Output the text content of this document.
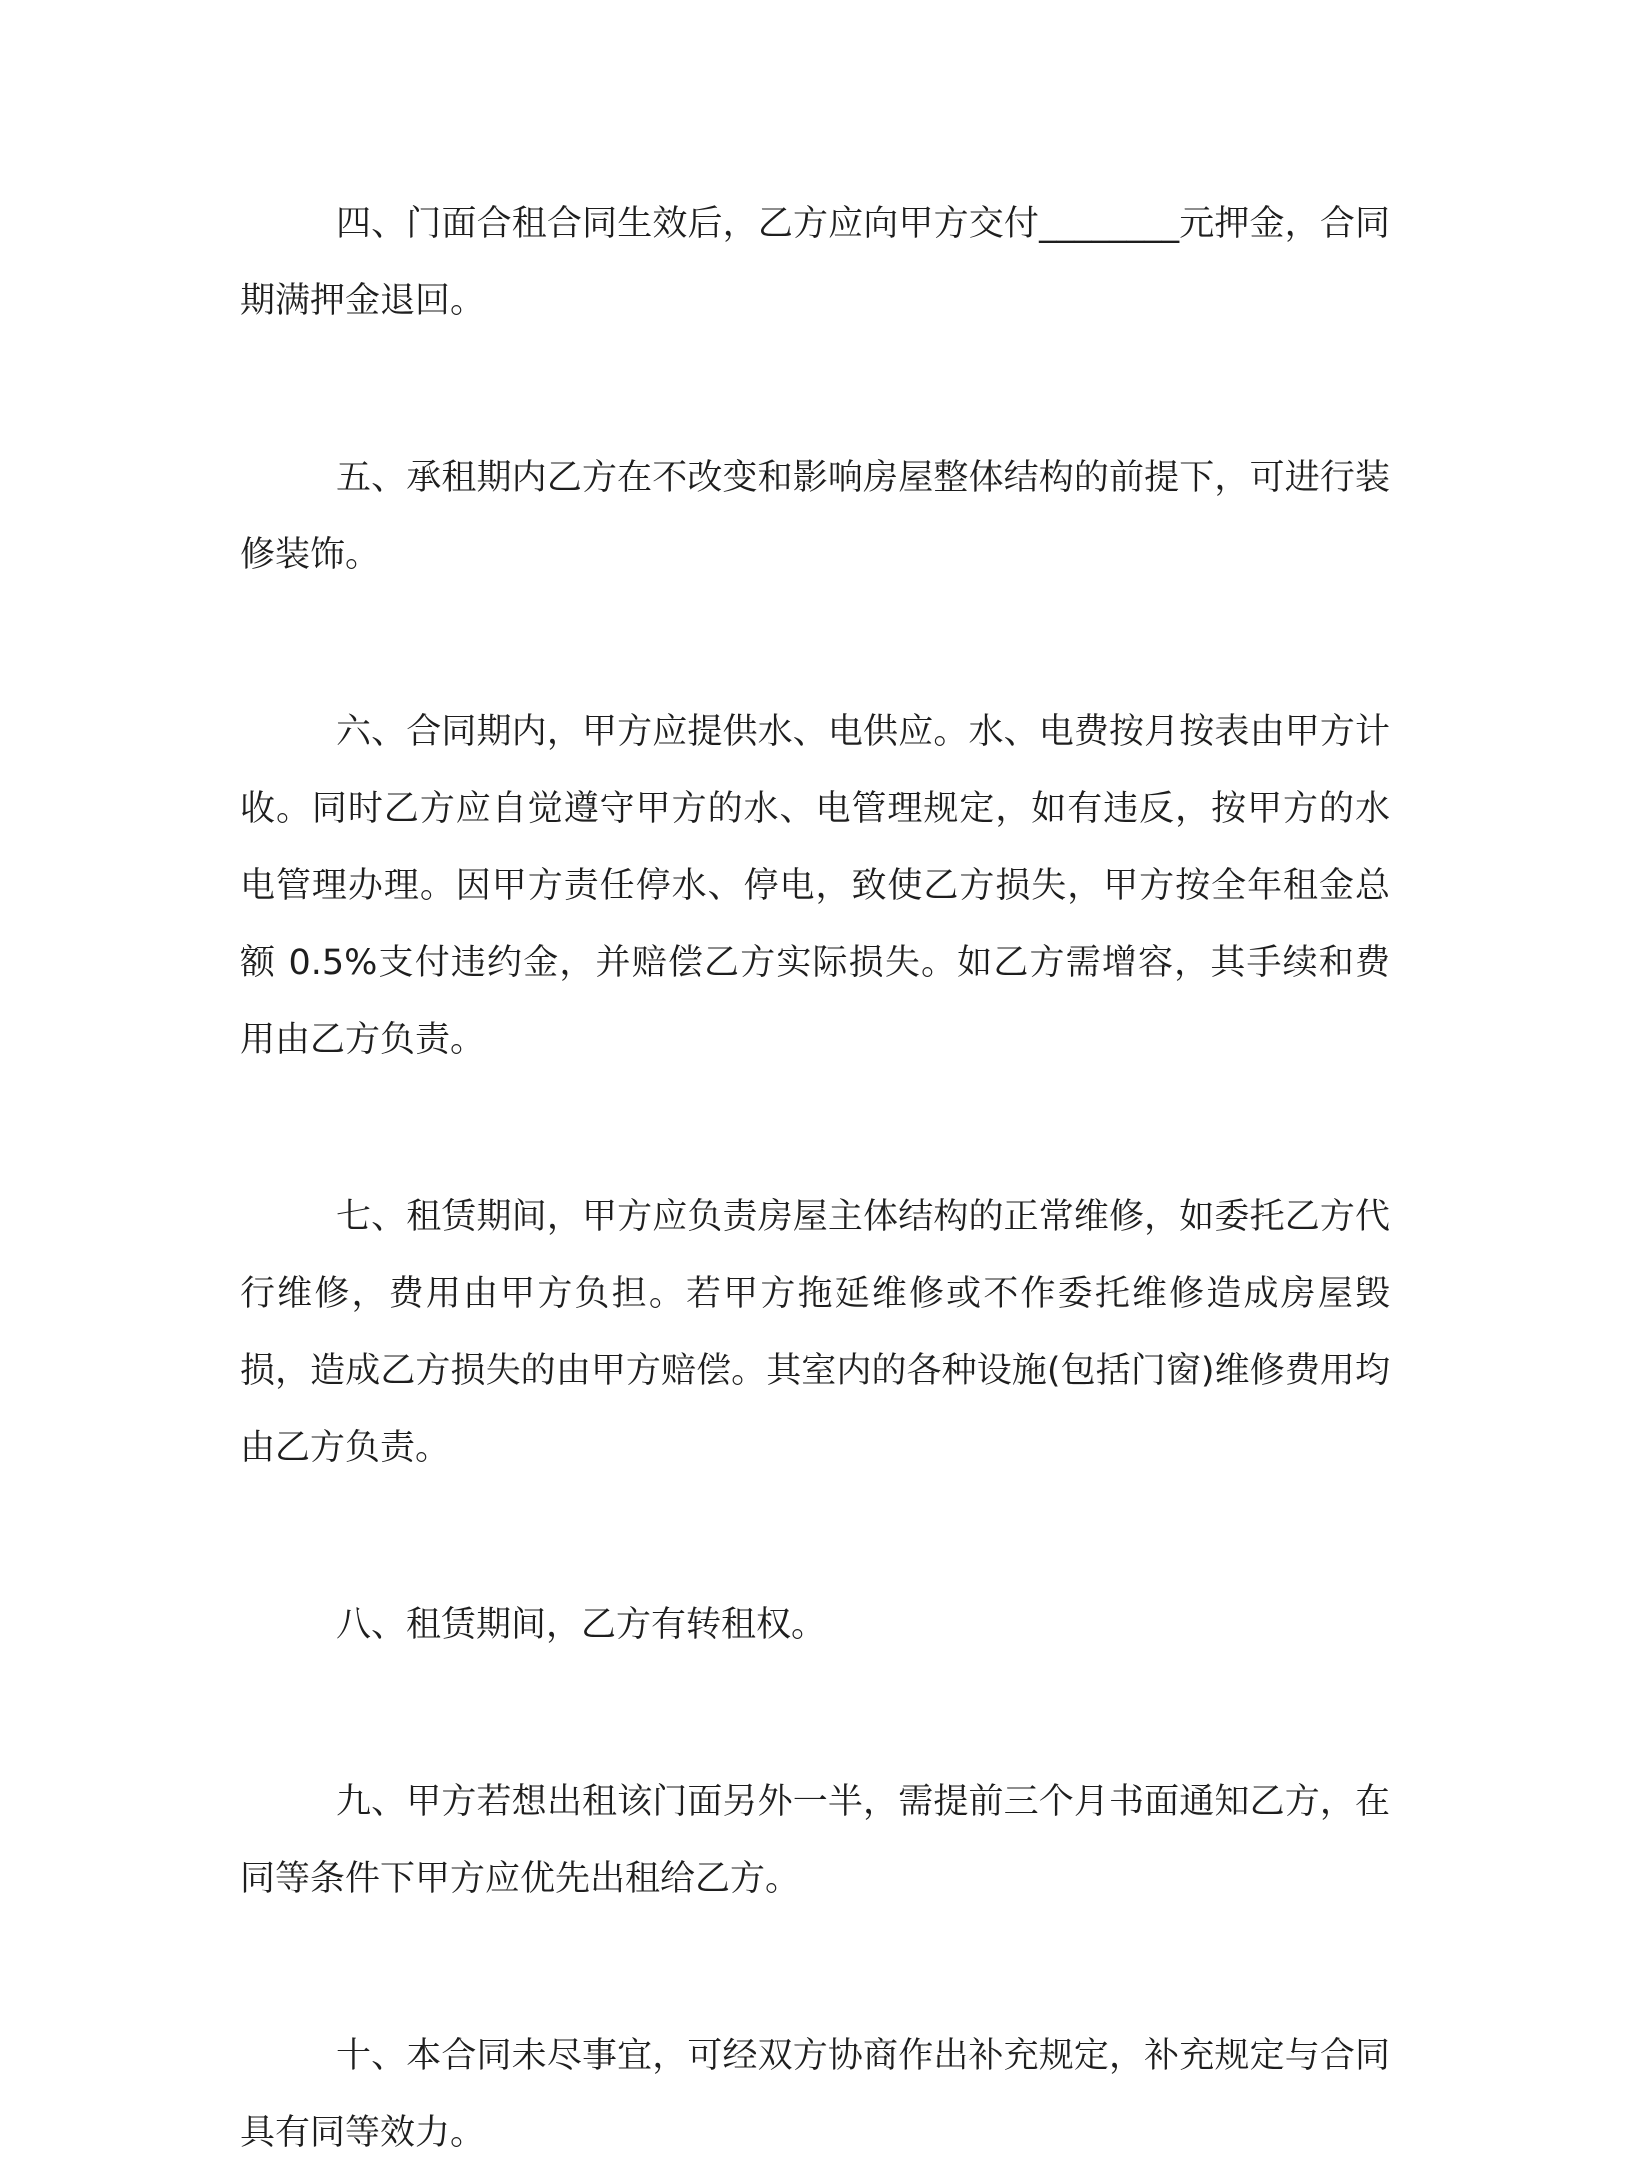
四、门面合租合同生效后，乙方应向甲方交付________元押金，合同期满押金退回。

五、承租期内乙方在不改变和影响房屋整体结构的前提下，可进行装修装饰。

六、合同期内，甲方应提供水、电供应。水、电费按月按表由甲方计收。同时乙方应自觉遵守甲方的水、电管理规定，如有违反，按甲方的水电管理办理。因甲方责任停水、停电，致使乙方损失，甲方按全年租金总额 0.5%支付违约金，并赔偿乙方实际损失。如乙方需增容，其手续和费用由乙方负责。

七、租赁期间，甲方应负责房屋主体结构的正常维修，如委托乙方代行维修，费用由甲方负担。若甲方拖延维修或不作委托维修造成房屋毁损，造成乙方损失的由甲方赔偿。其室内的各种设施(包括门窗)维修费用均由乙方负责。

八、租赁期间，乙方有转租权。

九、甲方若想出租该门面另外一半，需提前三个月书面通知乙方，在同等条件下甲方应优先出租给乙方。

十、本合同未尽事宜，可经双方协商作出补充规定，补充规定与合同具有同等效力。
